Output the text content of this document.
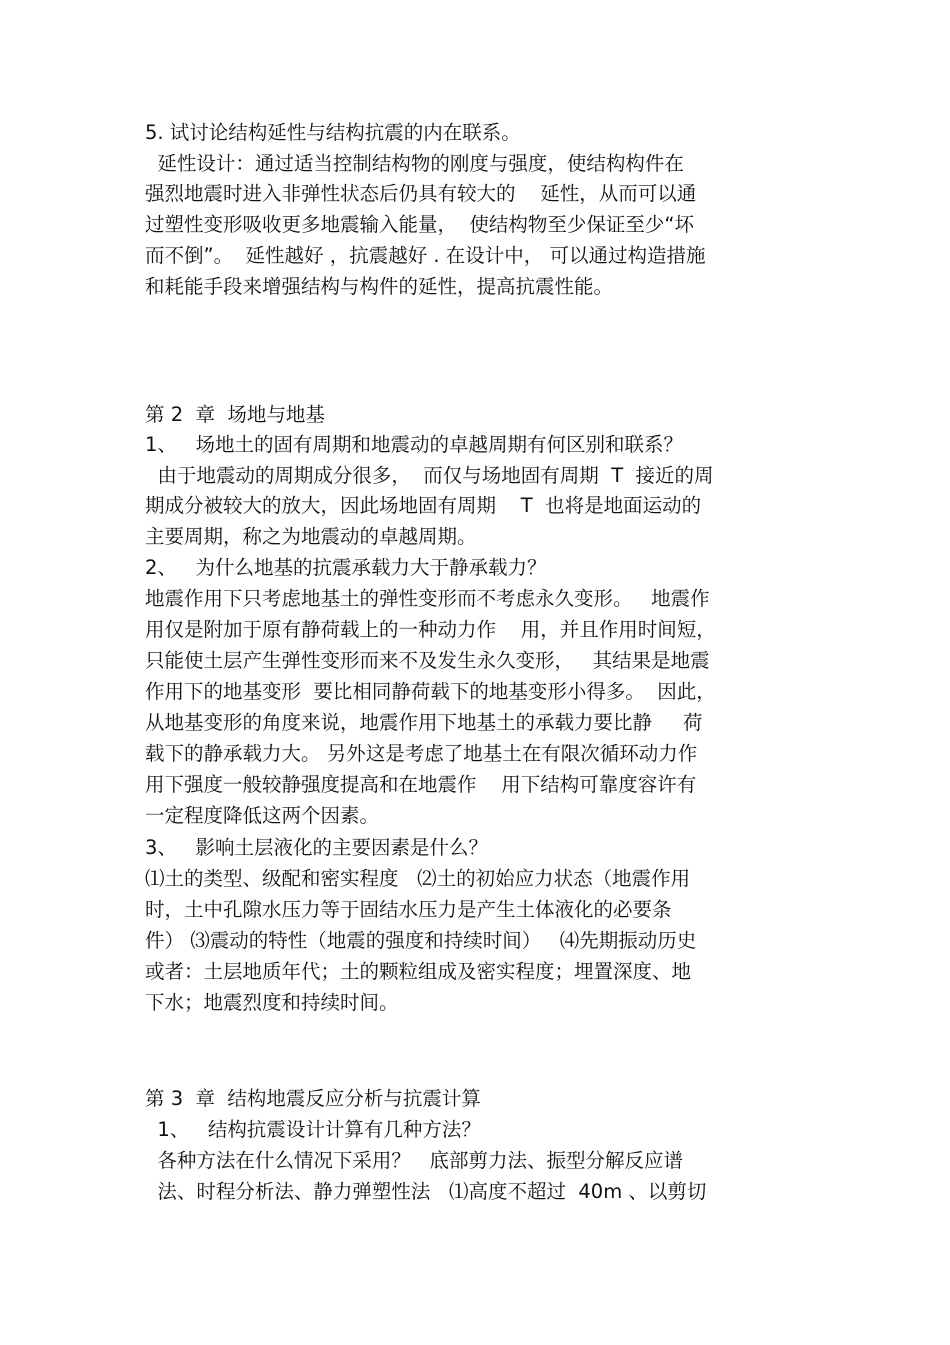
5. 试讨论结构延性与结构抗震的内在联系。
延性设计：通过适当控制结构物的刚度与强度，使结构构件在
强烈地震时进入非弹性状态后仍具有较大的    延性，从而可以通
过塑性变形吸收更多地震输入能量，  使结构物至少保证至少“坏
而不倒”。  延性越好 ，抗震越好 . 在设计中， 可以通过构造措施
和耗能手段来增强结构与构件的延性，提高抗震性能。
第 2  章  场地与地基
1、   场地土的固有周期和地震动的卓越周期有何区别和联系？
由于地震动的周期成分很多，  而仅与场地固有周期  T  接近的周
期成分被较大的放大，因此场地固有周期    T  也将是地面运动的
主要周期，称之为地震动的卓越周期。
2、   为什么地基的抗震承载力大于静承载力？
地震作用下只考虑地基土的弹性变形而不考虑永久变形。   地震作
用仅是附加于原有静荷载上的一种动力作    用，并且作用时间短，
只能使土层产生弹性变形而来不及发生永久变形，   其结果是地震
作用下的地基变形  要比相同静荷载下的地基变形小得多。  因此，
从地基变形的角度来说，地震作用下地基土的承载力要比静     荷
载下的静承载力大。 另外这是考虑了地基土在有限次循环动力作
用下强度一般较静强度提高和在地震作    用下结构可靠度容许有
一定程度降低这两个因素。
3、   影响土层液化的主要因素是什么？
⑴土的类型、级配和密实程度   ⑵土的初始应力状态（地震作用
时，土中孔隙水压力等于固结水压力是产生土体液化的必要条
件） ⑶震动的特性（地震的强度和持续时间）   ⑷先期振动历史
或者：土层地质年代；土的颗粒组成及密实程度；埋置深度、地
下水；地震烈度和持续时间。
第 3  章  结构地震反应分析与抗震计算
1、   结构抗震设计计算有几种方法？
各种方法在什么情况下采用？   底部剪力法、振型分解反应谱
法、时程分析法、静力弹塑性法   ⑴高度不超过  40m 、以剪切
